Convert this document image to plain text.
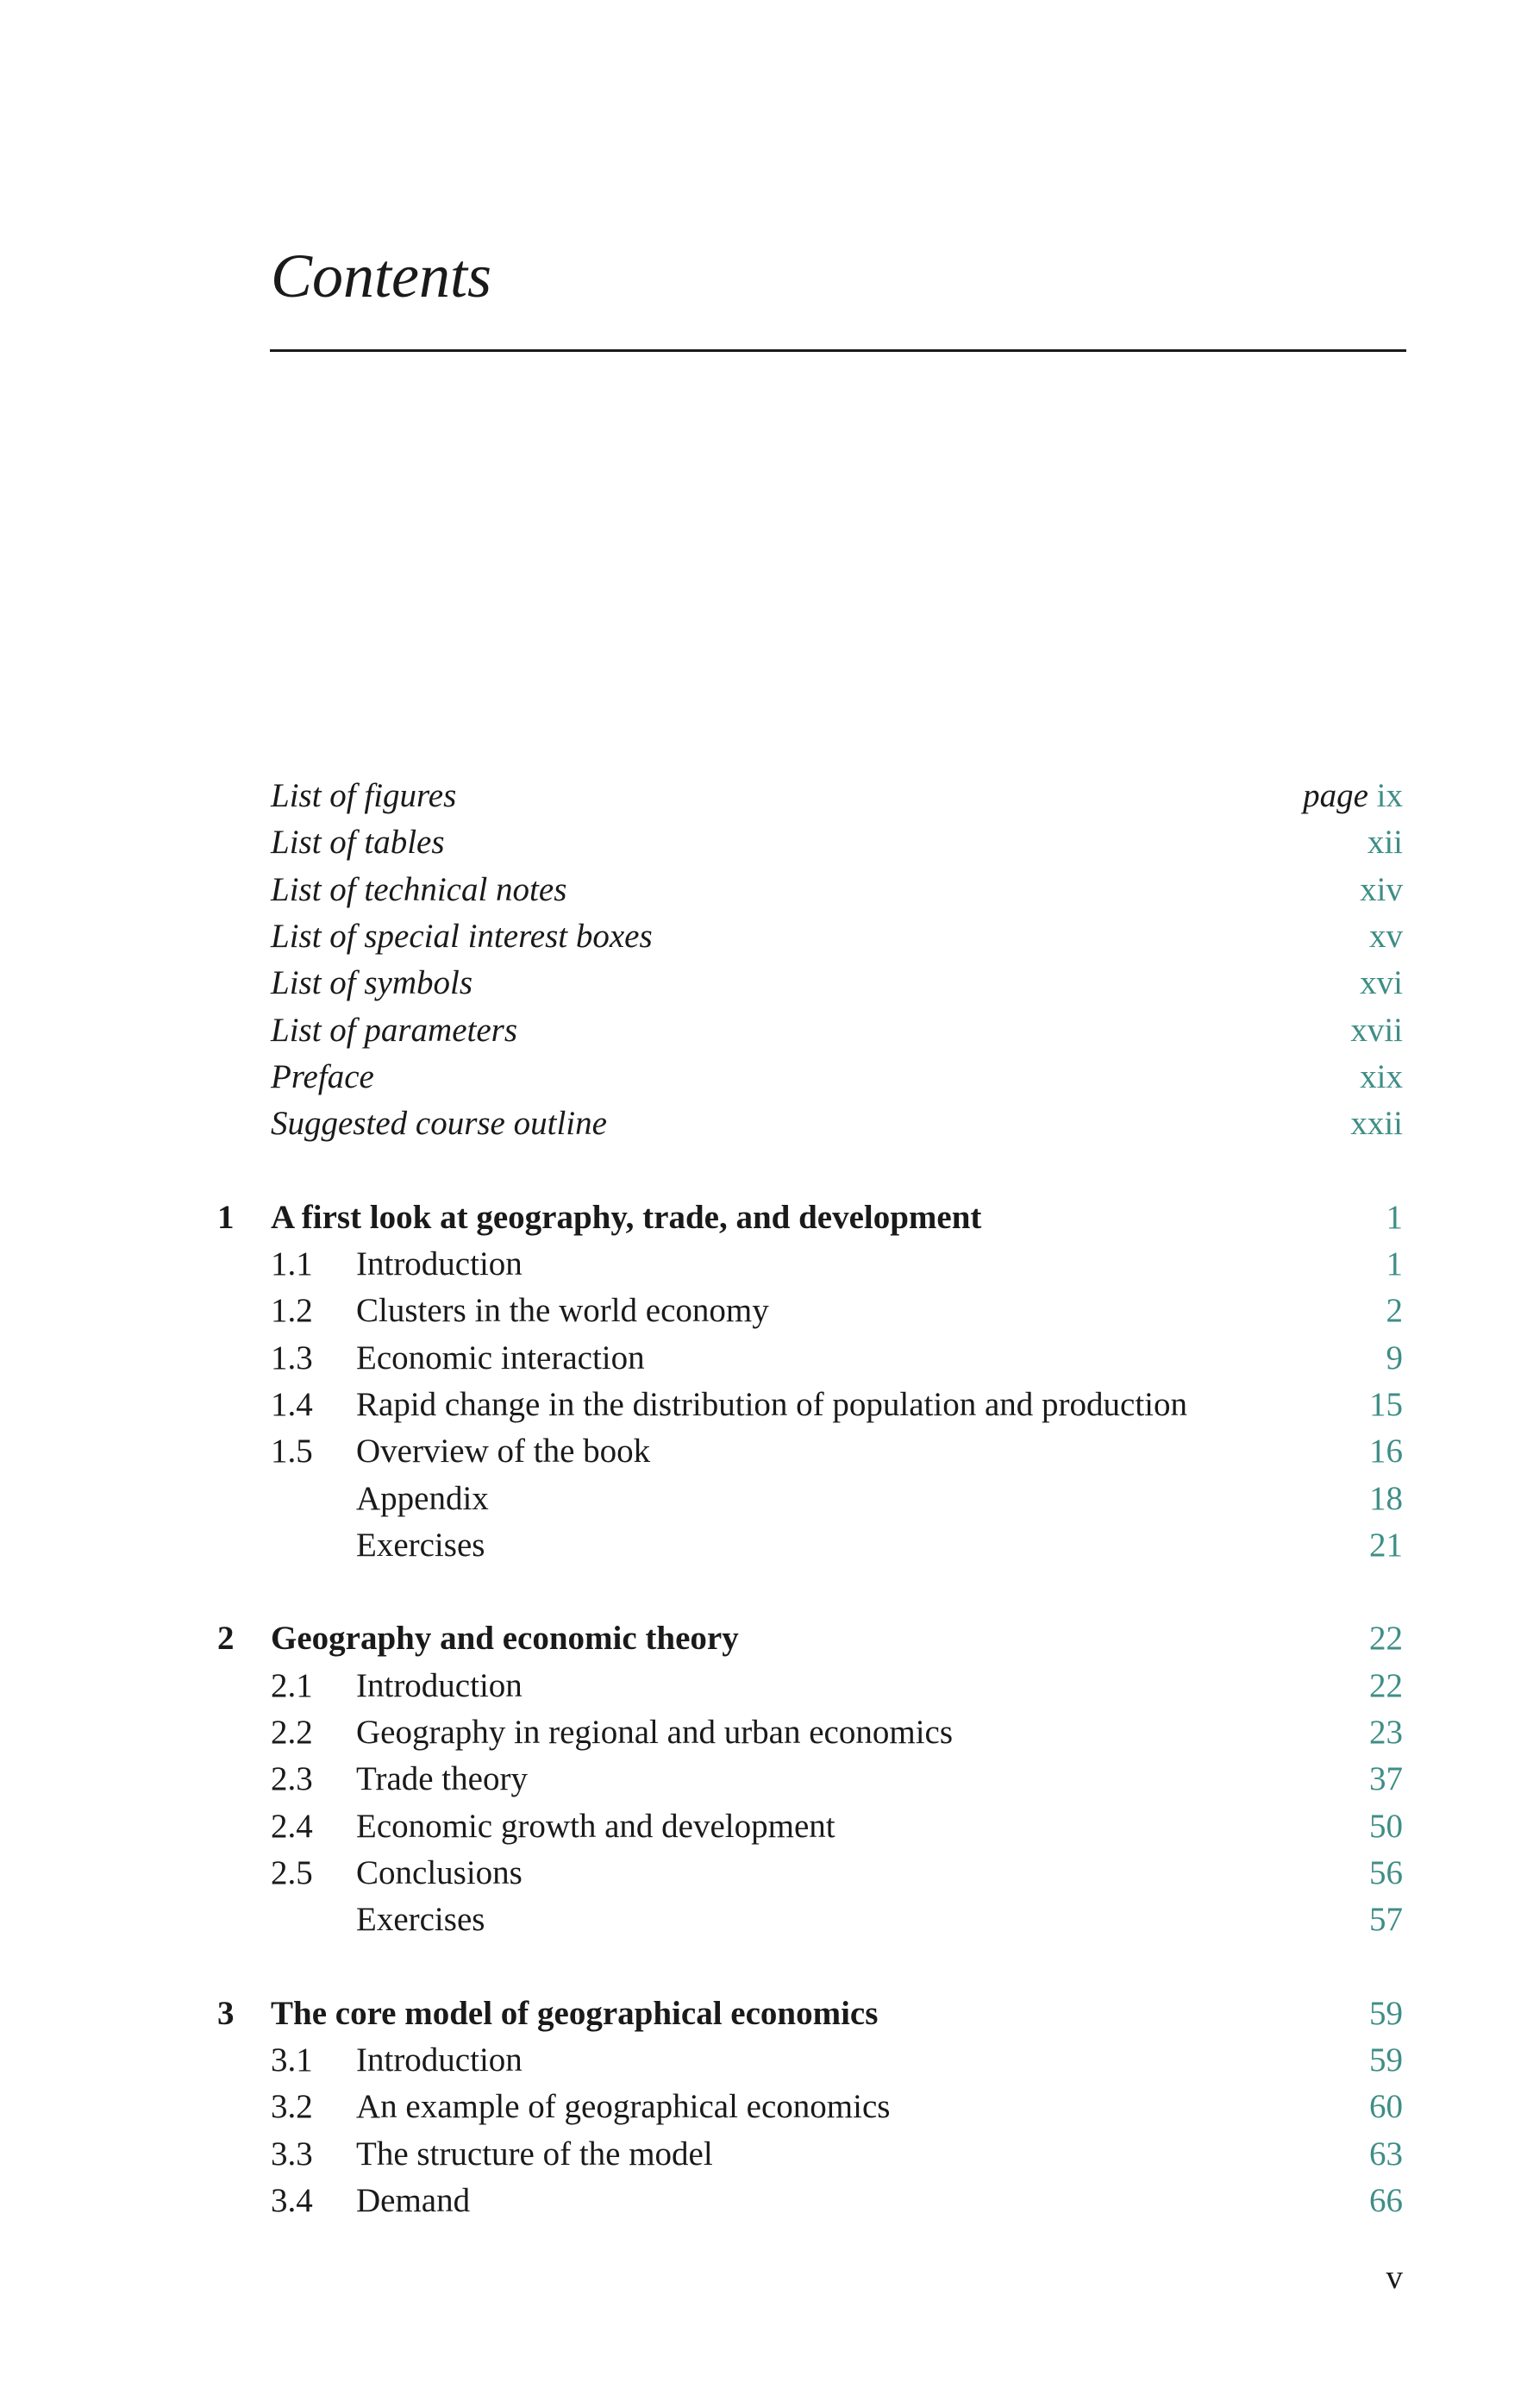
Contents
List of figures	page ix
List of tables	xii
List of technical notes	xiv
List of special interest boxes	xv
List of symbols	xvi
List of parameters	xvii
Preface	xix
Suggested course outline	xxii
1 A first look at geography, trade, and development	1
1.1 Introduction	1
1.2 Clusters in the world economy	2
1.3 Economic interaction	9
1.4 Rapid change in the distribution of population and production	15
1.5 Overview of the book	16
Appendix	18
Exercises	21
2 Geography and economic theory	22
2.1 Introduction	22
2.2 Geography in regional and urban economics	23
2.3 Trade theory	37
2.4 Economic growth and development	50
2.5 Conclusions	56
Exercises	57
3 The core model of geographical economics	59
3.1 Introduction	59
3.2 An example of geographical economics	60
3.3 The structure of the model	63
3.4 Demand	66
v
